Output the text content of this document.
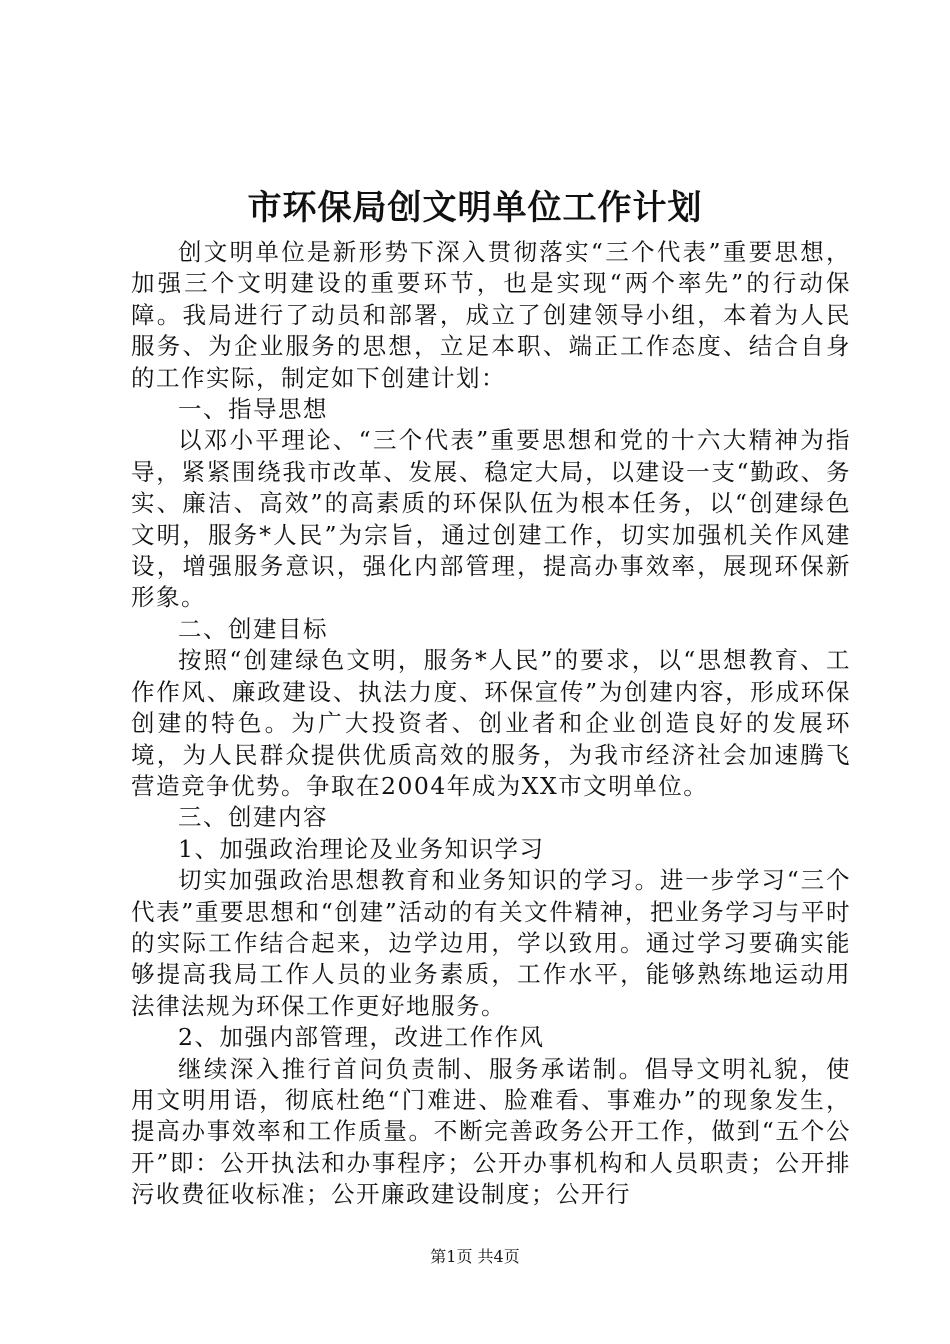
市环保局创文明单位工作计划

创文明单位是新形势下深入贯彻落实“三个代表”重要思想，加强三个文明建设的重要环节，也是实现“两个率先”的行动保障。我局进行了动员和部署，成立了创建领导小组，本着为人民服务、为企业服务的思想，立足本职、端正工作态度、结合自身的工作实际，制定如下创建计划：

一、指导思想

以邓小平理论、“三个代表”重要思想和党的十六大精神为指导，紧紧围绕我市改革、发展、稳定大局，以建设一支“勤政、务实、廉洁、高效”的高素质的环保队伍为根本任务，以“创建绿色文明，服务*人民”为宗旨，通过创建工作，切实加强机关作风建设，增强服务意识，强化内部管理，提高办事效率，展现环保新形象。

二、创建目标

按照“创建绿色文明，服务*人民”的要求，以“思想教育、工作作风、廉政建设、执法力度、环保宣传”为创建内容，形成环保创建的特色。为广大投资者、创业者和企业创造良好的发展环境，为人民群众提供优质高效的服务，为我市经济社会加速腾飞营造竞争优势。争取在2004年成为XX市文明单位。

三、创建内容

1、加强政治理论及业务知识学习

切实加强政治思想教育和业务知识的学习。进一步学习“三个代表”重要思想和“创建”活动的有关文件精神，把业务学习与平时的实际工作结合起来，边学边用，学以致用。通过学习要确实能够提高我局工作人员的业务素质，工作水平，能够熟练地运动用法律法规为环保工作更好地服务。

2、加强内部管理，改进工作作风

继续深入推行首问负责制、服务承诺制。倡导文明礼貌，使用文明用语，彻底杜绝“门难进、脸难看、事难办”的现象发生，提高办事效率和工作质量。不断完善政务公开工作，做到“五个公开”即：公开执法和办事程序；公开办事机构和人员职责；公开排污收费征收标准；公开廉政建设制度；公开行

第1页 共4页
